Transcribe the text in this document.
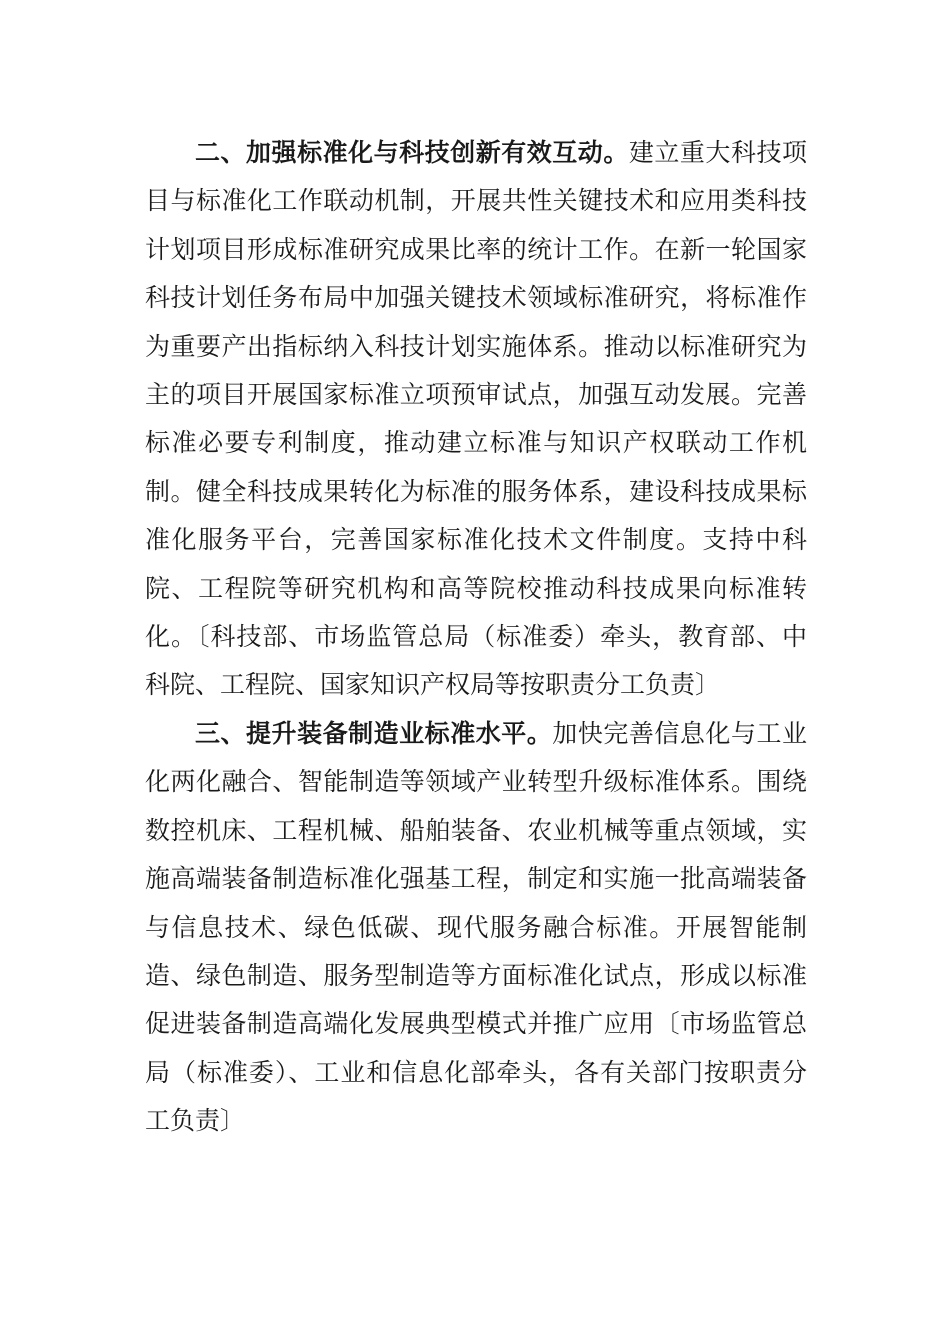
二、加强标准化与科技创新有效互动。建立重大科技项目与标准化工作联动机制，开展共性关键技术和应用类科技计划项目形成标准研究成果比率的统计工作。在新一轮国家科技计划任务布局中加强关键技术领域标准研究，将标准作为重要产出指标纳入科技计划实施体系。推动以标准研究为主的项目开展国家标准立项预审试点，加强互动发展。完善标准必要专利制度，推动建立标准与知识产权联动工作机制。健全科技成果转化为标准的服务体系，建设科技成果标准化服务平台，完善国家标准化技术文件制度。支持中科院、工程院等研究机构和高等院校推动科技成果向标准转化。〔科技部、市场监管总局（标准委）牵头，教育部、中科院、工程院、国家知识产权局等按职责分工负责〕

三、提升装备制造业标准水平。加快完善信息化与工业化两化融合、智能制造等领域产业转型升级标准体系。围绕数控机床、工程机械、船舶装备、农业机械等重点领域，实施高端装备制造标准化强基工程，制定和实施一批高端装备与信息技术、绿色低碳、现代服务融合标准。开展智能制造、绿色制造、服务型制造等方面标准化试点，形成以标准促进装备制造高端化发展典型模式并推广应用〔市场监管总局（标准委）、工业和信息化部牵头，各有关部门按职责分工负责〕
